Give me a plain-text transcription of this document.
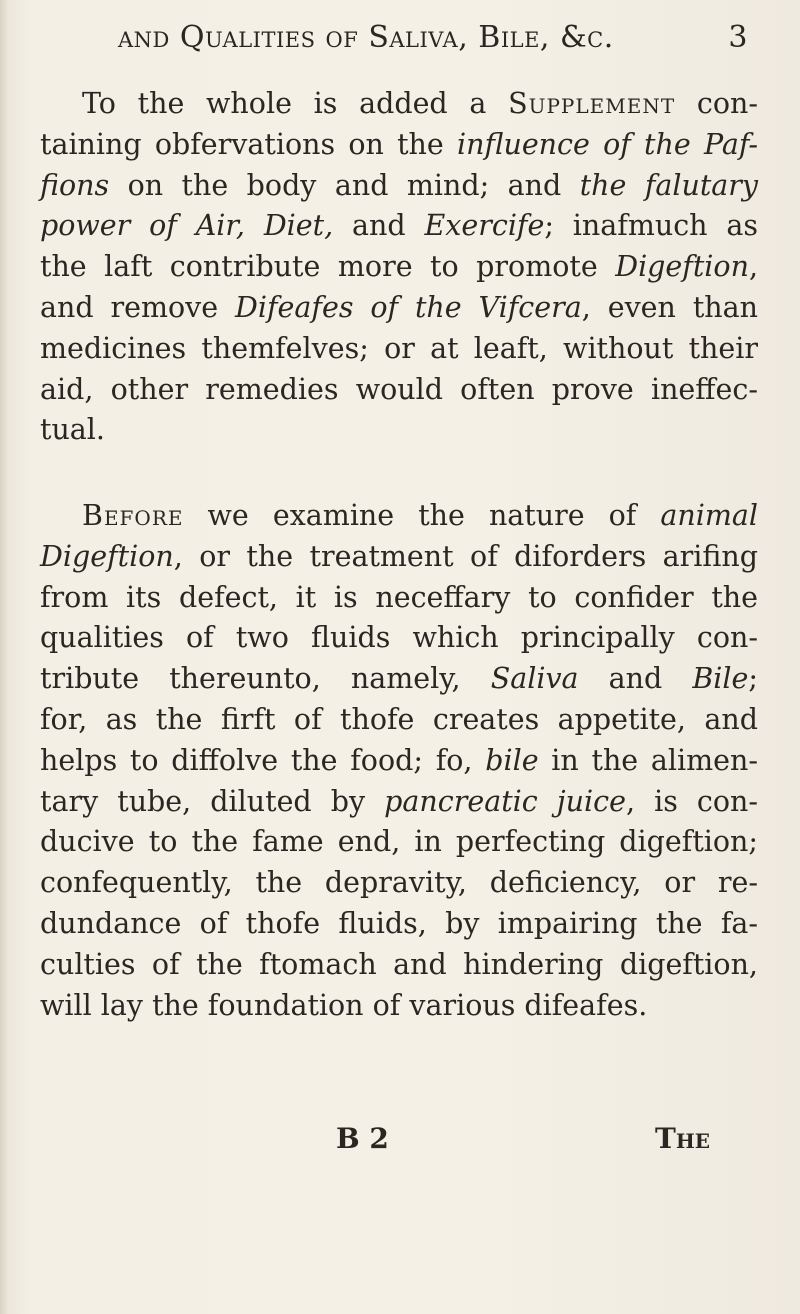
and Qualities of Saliva, Bile, &c.	3
To the whole is added a Supplement con-
taining obfervations on the influence of the Paf-
fions on the body and mind; and the falutary
power of Air, Diet, and Exercife; inafmuch as
the laft contribute more to promote Digeftion,
and remove Difeafes of the Vifcera, even than
medicines themfelves; or at leaft, without their
aid, other remedies would often prove ineffec-
tual.
Before we examine the nature of animal
Digeftion, or the treatment of diforders arifing
from its defect, it is neceffary to confider the
qualities of two fluids which principally con-
tribute thereunto, namely, Saliva and Bile;
for, as the firft of thofe creates appetite, and
helps to diffolve the food; fo, bile in the alimen-
tary tube, diluted by pancreatic juice, is con-
ducive to the fame end, in perfecting digeftion;
confequently, the depravity, deficiency, or re-
dundance of thofe fluids, by impairing the fa-
culties of the ftomach and hindering digeftion,
will lay the foundation of various difeafes.
B 2	The
